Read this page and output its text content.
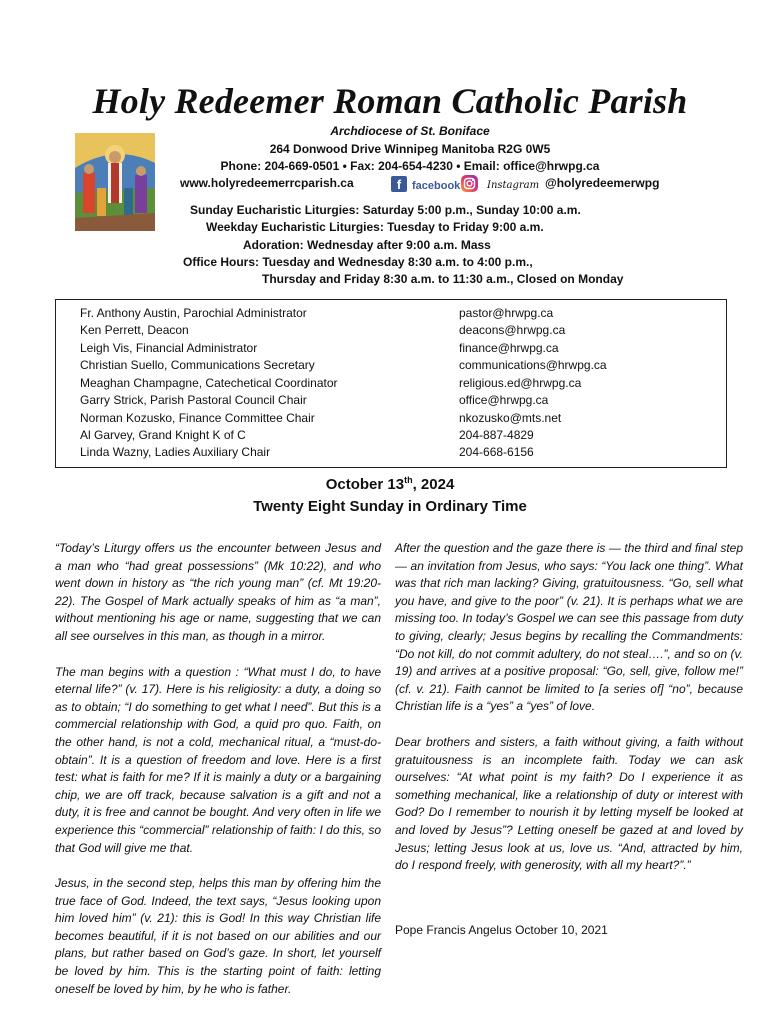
Holy Redeemer Roman Catholic Parish
Archdiocese of St. Boniface
264 Donwood Drive Winnipeg Manitoba R2G 0W5
Phone: 204-669-0501 • Fax: 204-654-4230 • Email: office@hrwpg.ca
www.holyredeemerrcparish.ca	f facebook	Instagram @holyredeemerwpg
Sunday Eucharistic Liturgies: Saturday 5:00 p.m., Sunday 10:00 a.m.
Weekday Eucharistic Liturgies: Tuesday to Friday 9:00 a.m.
Adoration: Wednesday after 9:00 a.m. Mass
Office Hours: Tuesday and Wednesday 8:30 a.m. to 4:00 p.m.,
Thursday and Friday 8:30 a.m. to 11:30 a.m., Closed on Monday
Fr. Anthony Austin, Parochial Administrator	pastor@hrwpg.ca
Ken Perrett, Deacon	deacons@hrwpg.ca
Leigh Vis, Financial Administrator	finance@hrwpg.ca
Christian Suello, Communications Secretary	communications@hrwpg.ca
Meaghan Champagne, Catechetical Coordinator	religious.ed@hrwpg.ca
Garry Strick, Parish Pastoral Council Chair	office@hrwpg.ca
Norman Kozusko, Finance Committee Chair	nkozusko@mts.net
Al Garvey, Grand Knight K of C	204-887-4829
Linda Wazny, Ladies Auxiliary Chair	204-668-6156
October 13th, 2024
Twenty Eight Sunday in Ordinary Time

“Today’s Liturgy offers us the encounter between Jesus and a man who “had great possessions” (Mk 10:22), and who went down in history as “the rich young man” (cf. Mt 19:20-22). The Gospel of Mark actually speaks of him as “a man”, without mentioning his age or name, suggesting that we can all see ourselves in this man, as though in a mirror.

The man begins with a question : “What must I do, to have eternal life?” (v. 17). Here is his religiosity: a duty, a doing so as to obtain; “I do something to get what I need”. But this is a commercial relationship with God, a quid pro quo. Faith, on the other hand, is not a cold, mechanical ritual, a “must-do-obtain”. It is a question of freedom and love. Here is a first test: what is faith for me? If it is mainly a duty or a bargaining chip, we are off track, because salvation is a gift and not a duty, it is free and cannot be bought. And very often in life we experience this “commercial” relationship of faith: I do this, so that God will give me that.

Jesus, in the second step, helps this man by offering him the true face of God. Indeed, the text says, “Jesus looking upon him loved him” (v. 21): this is God! In this way Christian life becomes beautiful, if it is not based on our abilities and our plans, but rather based on God’s gaze. In short, let yourself be loved by him. This is the starting point of faith: letting oneself be loved by him, by he who is father.

After the question and the gaze there is — the third and final step — an invitation from Jesus, who says: “You lack one thing”. What was that rich man lacking? Giving, gratuitousness. “Go, sell what you have, and give to the poor” (v. 21). It is perhaps what we are missing too. In today’s Gospel we can see this passage from duty to giving, clearly; Jesus begins by recalling the Commandments: “Do not kill, do not commit adultery, do not steal….”, and so on (v. 19) and arrives at a positive proposal: “Go, sell, give, follow me!” (cf. v. 21). Faith cannot be limited to [a series of] “no”, because Christian life is a “yes” a “yes” of love.

Dear brothers and sisters, a faith without giving, a faith without gratuitousness is an incomplete faith. Today we can ask ourselves: “At what point is my faith? Do I experience it as something mechanical, like a relationship of duty or interest with God? Do I remember to nourish it by letting myself be looked at and loved by Jesus”? Letting oneself be gazed at and loved by Jesus; letting Jesus look at us, love us. “And, attracted by him, do I respond freely, with generosity, with all my heart?”.”

Pope Francis Angelus October 10, 2021
